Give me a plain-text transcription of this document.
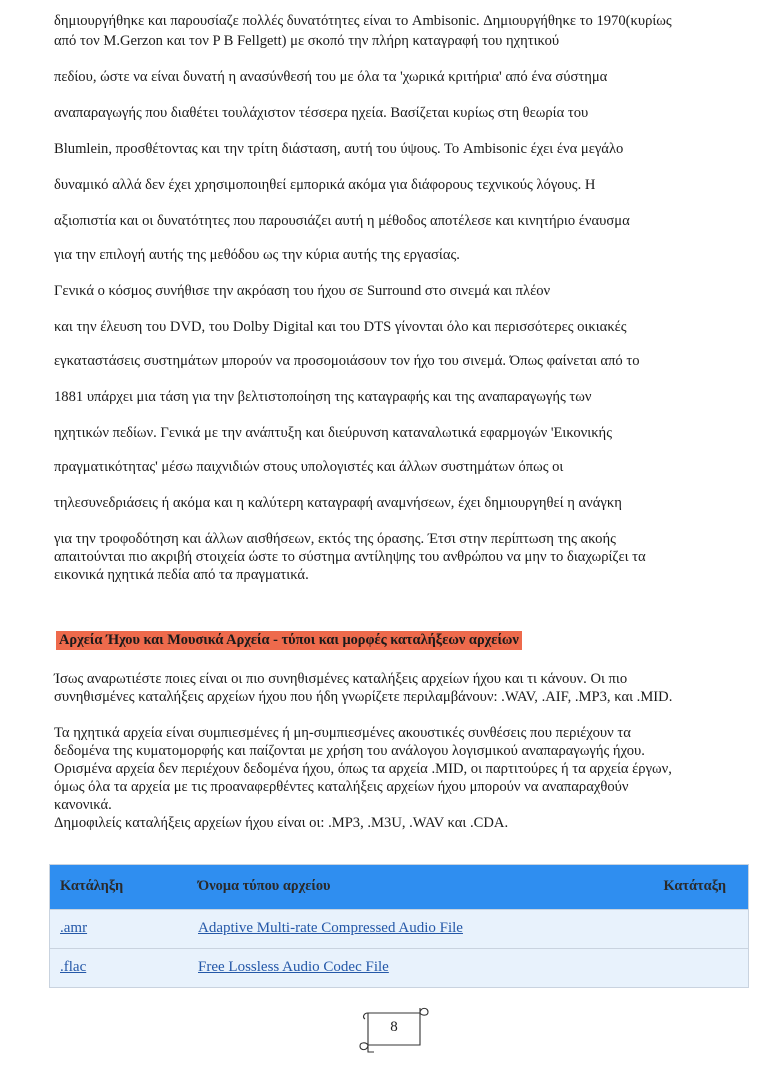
δημιουργήθηκε και παρουσίαζε πολλές δυνατότητες είναι το Ambisonic. Δημιουργήθηκε το 1970(κυρίως
από τον M.Gerzon και τον P B Fellgett) με σκοπό την πλήρη καταγραφή του ηχητικού
πεδίου, ώστε να είναι δυνατή η ανασύνθεσή του με όλα τα 'χωρικά κριτήρια' από ένα σύστημα
αναπαραγωγής που διαθέτει τουλάχιστον τέσσερα ηχεία. Βασίζεται κυρίως στη θεωρία του
Blumlein, προσθέτοντας και την τρίτη διάσταση, αυτή του ύψους. Το Ambisonic έχει ένα μεγάλο
δυναμικό αλλά δεν έχει χρησιμοποιηθεί εμπορικά ακόμα για διάφορους τεχνικούς λόγους. Η
αξιοπιστία και οι δυνατότητες που παρουσιάζει αυτή η μέθοδος αποτέλεσε και κινητήριο έναυσμα
για την επιλογή αυτής της μεθόδου ως την κύρια αυτής της εργασίας.
Γενικά ο κόσμος συνήθισε την ακρόαση του ήχου σε Surround στο σινεμά και πλέον
και την έλευση του DVD, του Dolby Digital και του DTS γίνονται όλο και περισσότερες οικιακές
εγκαταστάσεις συστημάτων μπορούν να προσομοιάσουν τον ήχο του σινεμά. Όπως φαίνεται από το
1881 υπάρχει μια τάση για την βελτιστοποίηση της καταγραφής και της αναπαραγωγής των
ηχητικών πεδίων. Γενικά με την ανάπτυξη και διεύρυνση καταναλωτικά εφαρμογών 'Εικονικής
πραγματικότητας' μέσω παιχνιδιών στους υπολογιστές και άλλων συστημάτων όπως οι
τηλεσυνεδριάσεις ή ακόμα και η καλύτερη καταγραφή αναμνήσεων, έχει δημιουργηθεί η ανάγκη
για την τροφοδότηση και άλλων αισθήσεων, εκτός της όρασης. Έτσι στην περίπτωση της ακοής
απαιτούνται πιο ακριβή στοιχεία ώστε το σύστημα αντίληψης του ανθρώπου να μην το διαχωρίζει τα
εικονικά ηχητικά πεδία από τα πραγματικά.
Αρχεία Ήχου και Μουσικά Αρχεία - τύποι και μορφές καταλήξεων αρχείων
Ίσως αναρωτιέστε ποιες είναι οι πιο συνηθισμένες καταλήξεις αρχείων ήχου και τι κάνουν. Οι πιο
συνηθισμένες καταλήξεις αρχείων ήχου που ήδη γνωρίζετε περιλαμβάνουν: .WAV, .AIF, .MP3, και .MID.
Τα ηχητικά αρχεία είναι συμπιεσμένες ή μη-συμπιεσμένες ακουστικές συνθέσεις που περιέχουν τα
δεδομένα της κυματομορφής και παίζονται με χρήση του ανάλογου λογισμικού αναπαραγωγής ήχου.
Ορισμένα αρχεία δεν περιέχουν δεδομένα ήχου, όπως τα αρχεία .MID, οι παρτιτούρες ή τα αρχεία έργων,
όμως όλα τα αρχεία με τις προαναφερθέντες καταλήξεις αρχείων ήχου μπορούν να αναπαραχθούν
κανονικά.
Δημοφιλείς καταλήξεις αρχείων ήχου είναι οι: .MP3, .M3U, .WAV και .CDA.
Κατάληξη	Όνομα τύπου αρχείου	Κατάταξη
.amr	Adaptive Multi-rate Compressed Audio File
.flac	Free Lossless Audio Codec File
8
